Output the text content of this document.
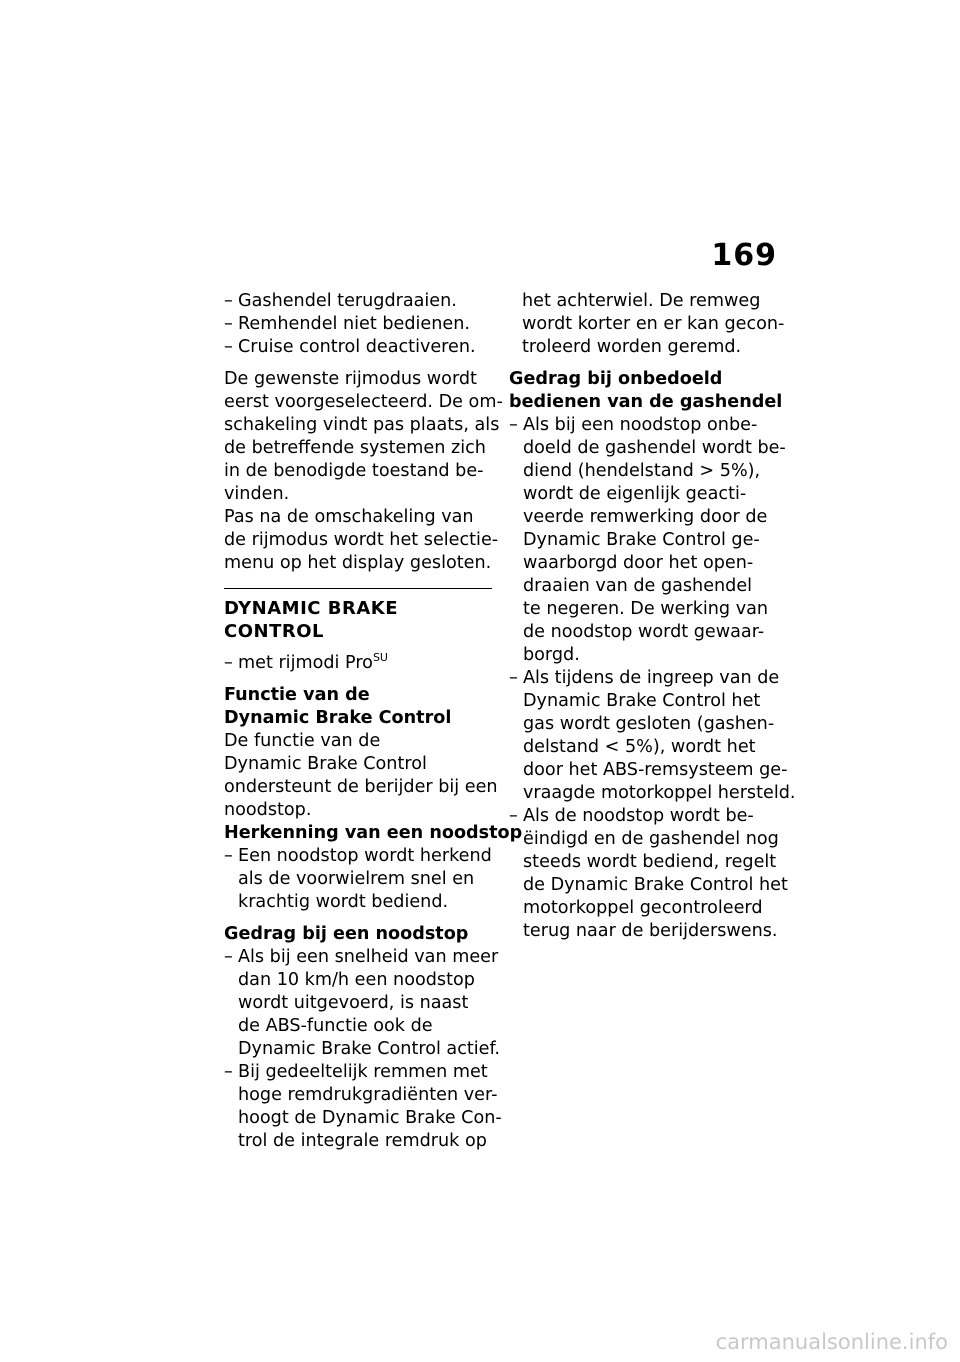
169
– Gashendel terugdraaien.
– Remhendel niet bedienen.
– Cruise control deactiveren.
De gewenste rijmodus wordt
eerst voorgeselecteerd. De om-
schakeling vindt pas plaats, als
de betreffende systemen zich
in de benodigde toestand be-
vinden.
Pas na de omschakeling van
de rijmodus wordt het selectie-
menu op het display gesloten.
DYNAMIC BRAKE CONTROL
– met rijmodi Pro$^{SU}$
Functie van de
Dynamic Brake Control
De functie van de
Dynamic Brake Control
ondersteunt de berijder bij een
noodstop.
Herkenning van een noodstop
– Een noodstop wordt herkend
als de voorwielrem snel en
krachtig wordt bediend.
Gedrag bij een noodstop
– Als bij een snelheid van meer
dan 10 km/h een noodstop
wordt uitgevoerd, is naast
de ABS-functie ook de
Dynamic Brake Control actief.
– Bij gedeeltelijk remmen met
hoge remdrukgradiënten ver-
hoogt de Dynamic Brake Con-
trol de integrale remdruk op
het achterwiel. De remweg
wordt korter en er kan gecon-
troleerd worden geremd.
Gedrag bij onbedoeld
bedienen van de gashendel
– Als bij een noodstop onbe-
doeld de gashendel wordt be-
diend (hendelstand > 5%),
wordt de eigenlijk geacti-
veerde remwerking door de
Dynamic Brake Control ge-
waarborgd door het open-
draaien van de gashendel
te negeren. De werking van
de noodstop wordt gewaar-
borgd.
– Als tijdens de ingreep van de
Dynamic Brake Control het
gas wordt gesloten (gashen-
delstand < 5%), wordt het
door het ABS-remsysteem ge-
vraagde motorkoppel hersteld.
– Als de noodstop wordt be-
ëindigd en de gashendel nog
steeds wordt bediend, regelt
de Dynamic Brake Control het
motorkoppel gecontroleerd
terug naar de berijderswens.
carmanualsonline.info
